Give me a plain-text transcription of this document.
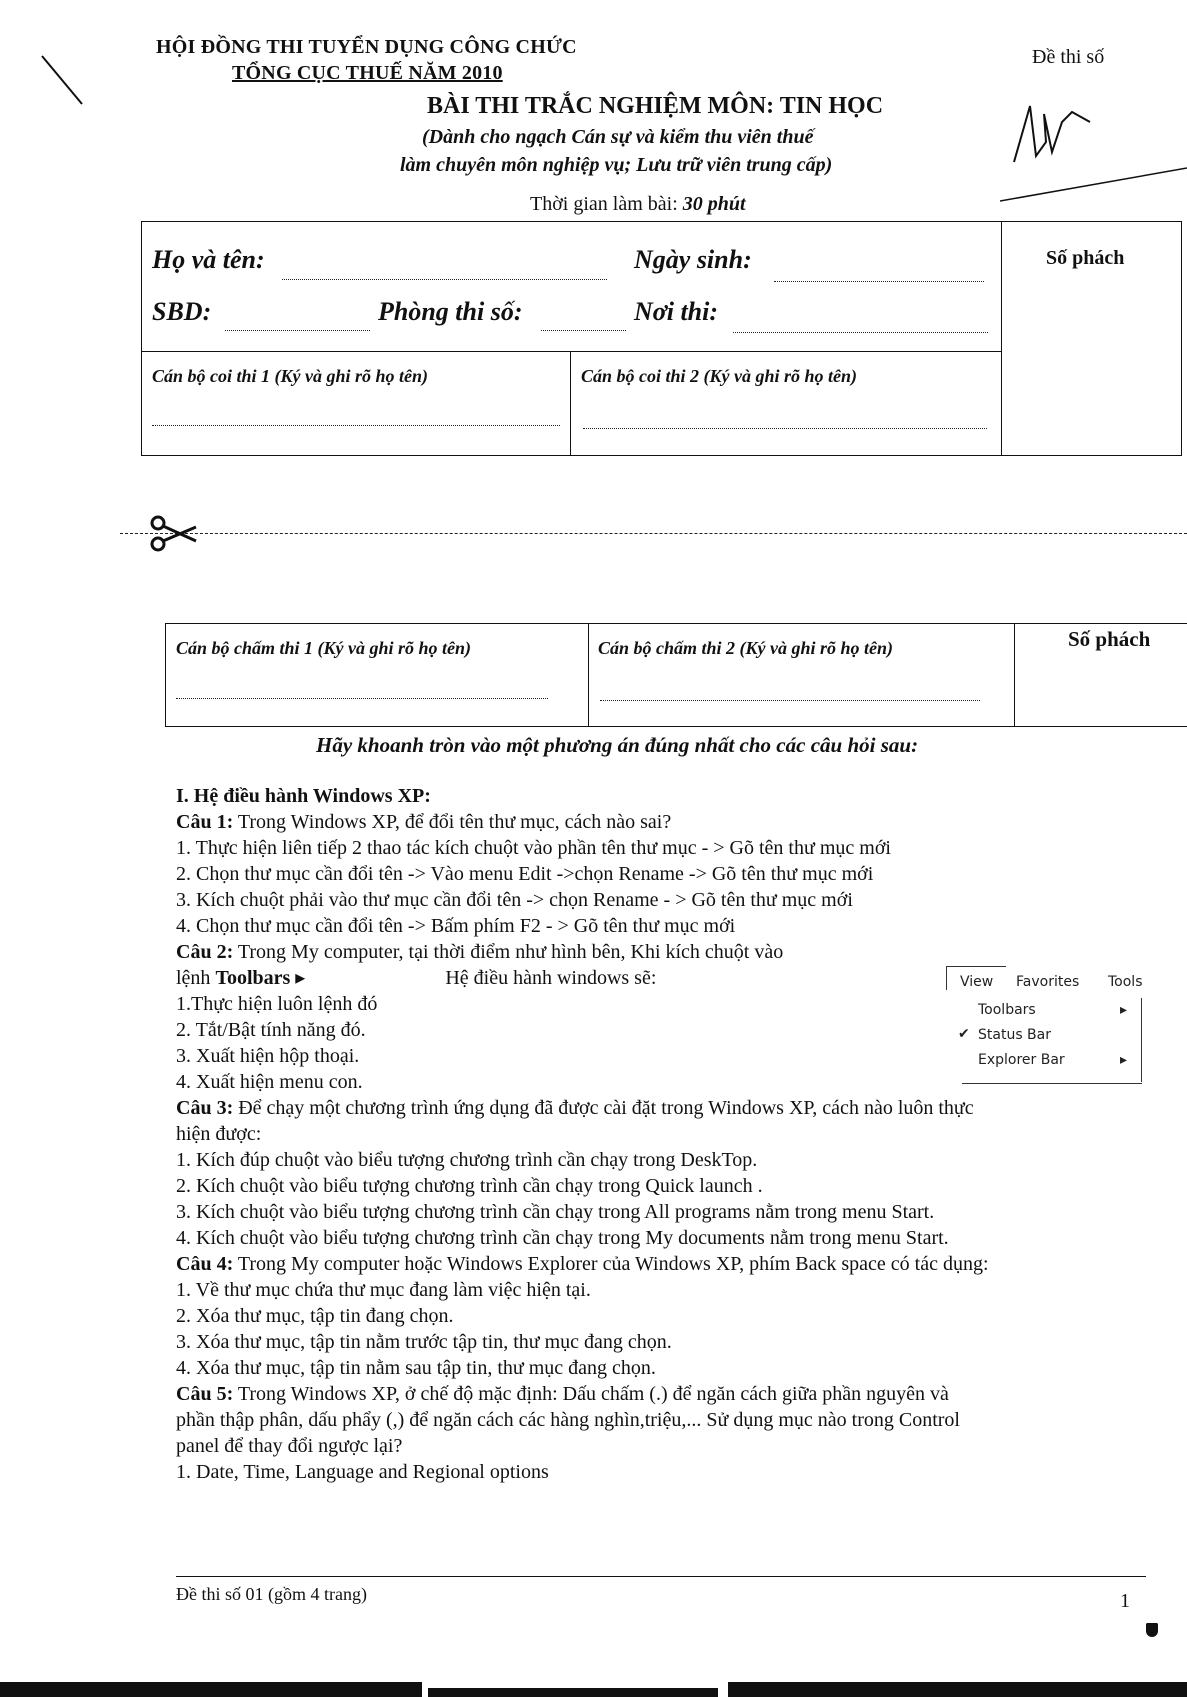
HỘI ĐỒNG THI TUYỂN DỤNG CÔNG CHỨC
TỔNG CỤC THUẾ NĂM 2010
Đề thi số
BÀI THI TRẮC NGHIỆM MÔN: TIN HỌC
(Dành cho ngạch Cán sự và kiểm thu viên thuế
làm chuyên môn nghiệp vụ; Lưu trữ viên trung cấp)
Thời gian làm bài: 30 phút
Họ và tên:	Ngày sinh:
SBD:	Phòng thi số:	Nơi thi:
Cán bộ coi thi 1 (Ký và ghi rõ họ tên)	Cán bộ coi thi 2 (Ký và ghi rõ họ tên)
Số phách
Cán bộ chấm thi 1 (Ký và ghi rõ họ tên)	Cán bộ chấm thi 2 (Ký và ghi rõ họ tên)	Số phách
Hãy khoanh tròn vào một phương án đúng nhất cho các câu hỏi sau:
I. Hệ điều hành Windows XP:
Câu 1: Trong Windows XP, để đổi tên thư mục, cách nào sai?
1. Thực hiện liên tiếp 2 thao tác kích chuột vào phần tên thư mục - > Gõ tên thư mục mới
2. Chọn thư mục cần đổi tên -> Vào menu Edit ->chọn Rename -> Gõ tên thư mục mới
3. Kích chuột phải vào thư mục cần đổi tên -> chọn Rename - > Gõ tên thư mục mới
4. Chọn thư mục cần đổi tên -> Bấm phím F2 - > Gõ tên thư mục mới
Câu 2: Trong My computer, tại thời điểm như hình bên, Khi kích chuột vào
lệnh Toolbars ▸	Hệ điều hành windows sẽ:
1.Thực hiện luôn lệnh đó
2. Tắt/Bật tính năng đó.
3. Xuất hiện hộp thoại.
4. Xuất hiện menu con.
Câu 3: Để chạy một chương trình ứng dụng đã được cài đặt trong Windows XP, cách nào luôn thực
hiện được:
1. Kích đúp chuột vào biểu tượng chương trình cần chạy trong DeskTop.
2. Kích chuột vào biểu tượng chương trình cần chạy trong Quick launch .
3. Kích chuột vào biểu tượng chương trình cần chạy trong All programs nằm trong menu Start.
4. Kích chuột vào biểu tượng chương trình cần chạy trong My documents nằm trong menu Start.
Câu 4: Trong My computer hoặc Windows Explorer của Windows XP, phím Back space có tác dụng:
1. Về thư mục chứa thư mục đang làm việc hiện tại.
2. Xóa thư mục, tập tin đang chọn.
3. Xóa thư mục, tập tin nằm trước tập tin, thư mục đang chọn.
4. Xóa thư mục, tập tin nằm sau tập tin, thư mục đang chọn.
Câu 5: Trong Windows XP, ở chế độ mặc định: Dấu chấm (.) để ngăn cách giữa phần nguyên và
phần thập phân, dấu phẩy (,) để ngăn cách các hàng nghìn,triệu,... Sử dụng mục nào trong Control
panel để thay đổi ngược lại?
1. Date, Time, Language and Regional options
View Favorites Tools
✔
Toolbars
Status Bar
Explorer Bar
▸
▸
Đề thi số 01 (gồm 4 trang)	1
